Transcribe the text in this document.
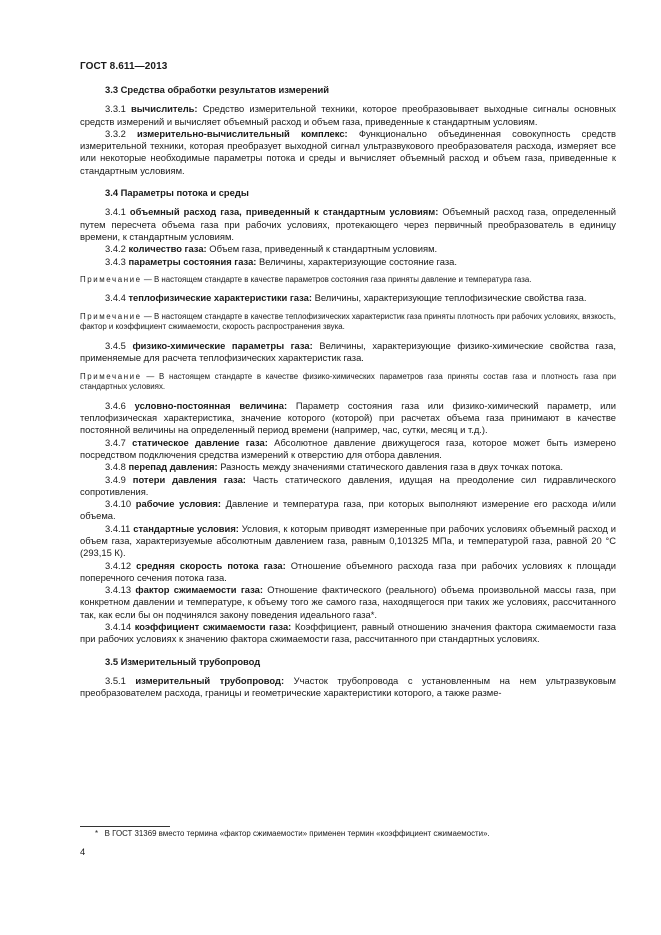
ГОСТ 8.611—2013
3.3 Средства обработки результатов измерений

3.3.1 вычислитель: Средство измерительной техники, которое преобразовывает выходные сигналы основных средств измерений и вычисляет объемный расход и объем газа, приведенные к стандартным условиям.

3.3.2 измерительно-вычислительный комплекс: Функционально объединенная совокупность средств измерительной техники, которая преобразует выходной сигнал ультразвукового преобразователя расхода, измеряет все или некоторые необходимые параметры потока и среды и вычисляет объемный расход и объем газа, приведенные к стандартным условиям.

3.4 Параметры потока и среды

3.4.1 объемный расход газа, приведенный к стандартным условиям: Объемный расход газа, определенный путем пересчета объема газа при рабочих условиях, протекающего через первичный преобразователь в единицу времени, к стандартным условиям.

3.4.2 количество газа: Объем газа, приведенный к стандартным условиям.

3.4.3 параметры состояния газа: Величины, характеризующие состояние газа.

Примечание — В настоящем стандарте в качестве параметров состояния газа приняты давление и температура газа.

3.4.4 теплофизические характеристики газа: Величины, характеризующие теплофизические свойства газа.

Примечание — В настоящем стандарте в качестве теплофизических характеристик газа приняты плотность при рабочих условиях, вязкость, фактор и коэффициент сжимаемости, скорость распространения звука.

3.4.5 физико-химические параметры газа: Величины, характеризующие физико-химические свойства газа, применяемые для расчета теплофизических характеристик газа.

Примечание — В настоящем стандарте в качестве физико-химических параметров газа приняты состав газа и плотность газа при стандартных условиях.

3.4.6 условно-постоянная величина: Параметр состояния газа или физико-химический параметр, или теплофизическая характеристика, значение которого (которой) при расчетах объема газа принимают в качестве постоянной величины на определенный период времени (например, час, сутки, месяц и т.д.).

3.4.7 статическое давление газа: Абсолютное давление движущегося газа, которое может быть измерено посредством подключения средства измерений к отверстию для отбора давления.

3.4.8 перепад давления: Разность между значениями статического давления газа в двух точках потока.

3.4.9 потери давления газа: Часть статического давления, идущая на преодоление сил гидравлического сопротивления.

3.4.10 рабочие условия: Давление и температура газа, при которых выполняют измерение его расхода и/или объема.

3.4.11 стандартные условия: Условия, к которым приводят измеренные при рабочих условиях объемный расход и объем газа, характеризуемые абсолютным давлением газа, равным 0,101325 МПа, и температурой газа, равной 20 °С (293,15 К).

3.4.12 средняя скорость потока газа: Отношение объемного расхода газа при рабочих условиях к площади поперечного сечения потока газа.

3.4.13 фактор сжимаемости газа: Отношение фактического (реального) объема произвольной массы газа, при конкретном давлении и температуре, к объему того же самого газа, находящегося при таких же условиях, рассчитанного так, как если бы он подчинялся закону поведения идеального газа*.

3.4.14 коэффициент сжимаемости газа: Коэффициент, равный отношению значения фактора сжимаемости газа при рабочих условиях к значению фактора сжимаемости газа, рассчитанного при стандартных условиях.

3.5 Измерительный трубопровод

3.5.1 измерительный трубопровод: Участок трубопровода с установленным на нем ультразвуковым преобразователем расхода, границы и геометрические характеристики которого, а также разме-

* В ГОСТ 31369 вместо термина «фактор сжимаемости» применен термин «коэффициент сжимаемости».
4
